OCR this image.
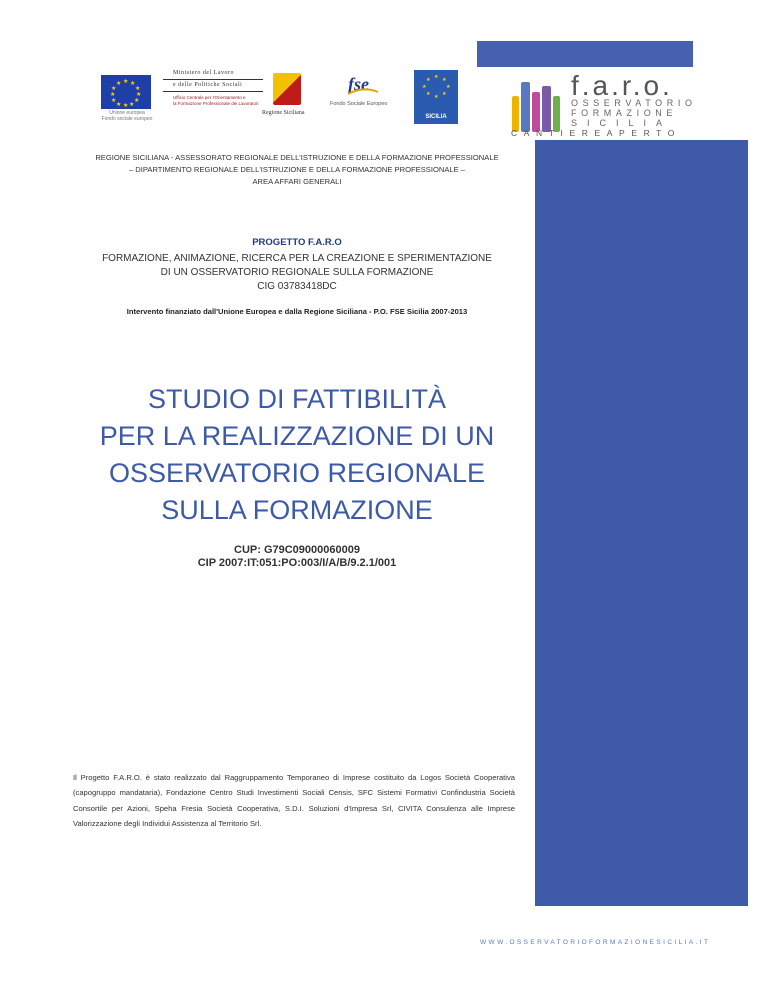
★ ★
★
★
★
★
★
★
★
★
★
★
Unione europea
Fondo sociale europeo
Ministero del Lavoro
e delle Politiche Sociali
Ufficio Centrale per l'Orientamento e
la Formazione Professionale dei Lavoratori
Regione Siciliana
fse
Fondo Sociale Europeo
★ ★
★
★
★
★
★
★
SICILIA
f.a.r.o.
OSSERVATORIO
FORMAZIONE
SICILIA
CANTIEREAPERTO
REGIONE SICILIANA - ASSESSORATO REGIONALE DELL'ISTRUZIONE E DELLA FORMAZIONE PROFESSIONALE
– DIPARTIMENTO REGIONALE DELL'ISTRUZIONE E DELLA FORMAZIONE PROFESSIONALE –
AREA AFFARI GENERALI
PROGETTO F.A.R.O
FORMAZIONE, ANIMAZIONE, RICERCA PER LA CREAZIONE E SPERIMENTAZIONE
DI UN OSSERVATORIO REGIONALE SULLA FORMAZIONE
CIG 03783418DC
Intervento finanziato dall'Unione Europea e dalla Regione Siciliana - P.O. FSE Sicilia 2007-2013
STUDIO DI FATTIBILITÀ
PER LA REALIZZAZIONE DI UN
OSSERVATORIO REGIONALE
SULLA FORMAZIONE
CUP: G79C09000060009
CIP 2007:IT:051:PO:003/I/A/B/9.2.1/001
Il Progetto F.A.R.O. è stato realizzato dal Raggruppamento Temporaneo di Imprese costituito da Logos Società Cooperativa (capogruppo mandataria), Fondazione Centro Studi Investimenti Sociali Censis, SFC Sistemi Formativi Confindustria Società Consortile per Azioni, Speha Fresia Società Cooperativa, S.D.I. Soluzioni d'Impresa Srl, CIVITA Consulenza alle Imprese Valorizzazione degli Individui Assistenza al Territorio Srl.
WWW.OSSERVATORIOFORMAZIONESICILIA.IT
